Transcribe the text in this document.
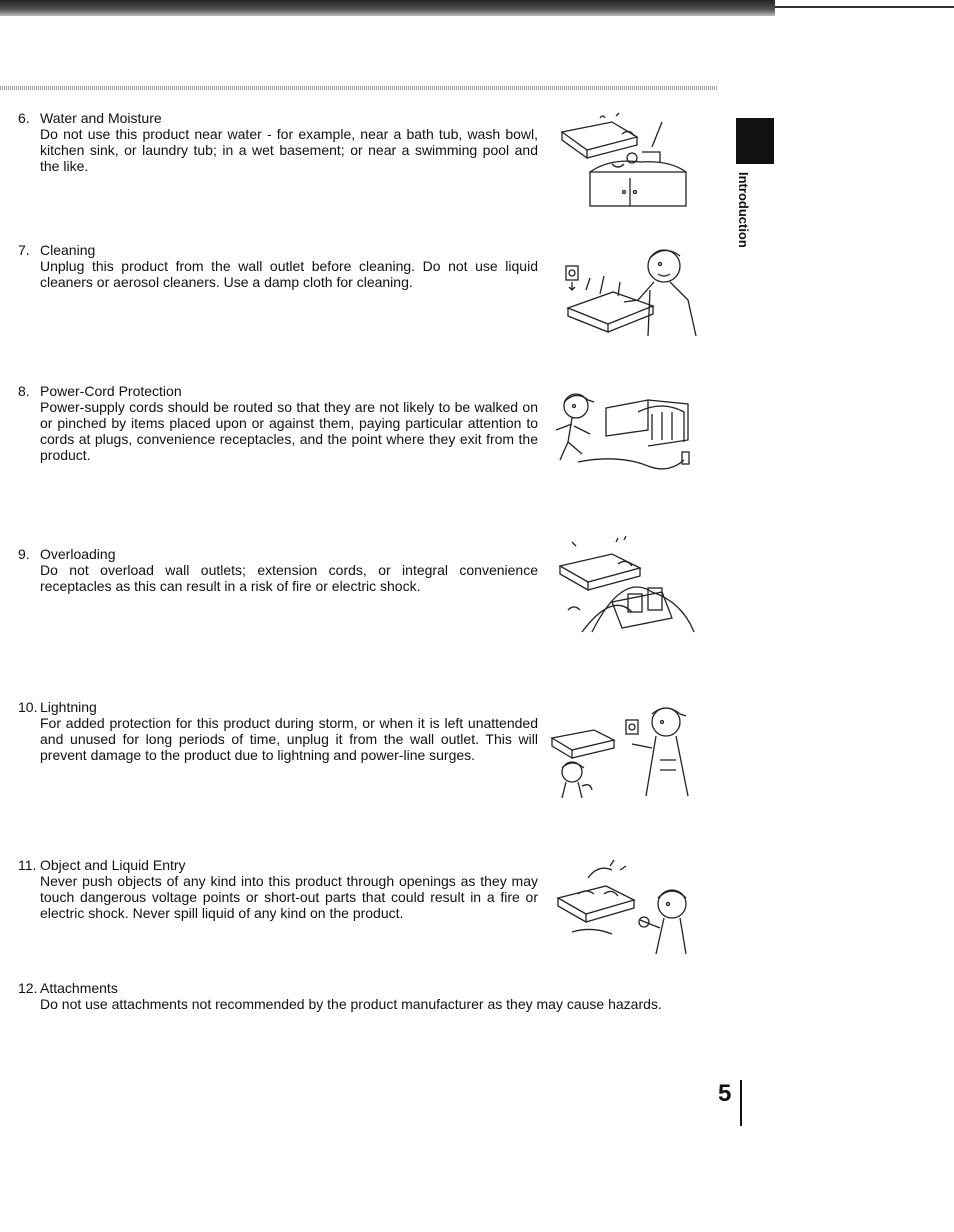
Introduction
6. Water and Moisture
Do not use this product near water - for example, near a bath tub, wash bowl, kitchen sink, or laundry tub; in a wet basement; or near a swimming pool and the like.
7. Cleaning
Unplug this product from the wall outlet before cleaning. Do not use liquid cleaners or aerosol cleaners. Use a damp cloth for cleaning.
8. Power-Cord Protection
Power-supply cords should be routed so that they are not likely to be walked on or pinched by items placed upon or against them, paying particular attention to cords at plugs, convenience receptacles, and the point where they exit from the product.
9. Overloading
Do not overload wall outlets; extension cords, or integral convenience receptacles as this can result in a risk of fire or electric shock.
10. Lightning
For added protection for this product during storm, or when it is left unattended and unused for long periods of time, unplug it from the wall outlet. This will prevent damage to the product due to lightning and power-line surges.
11. Object and Liquid Entry
Never push objects of any kind into this product through openings as they may touch dangerous voltage points or short-out parts that could result in a fire or electric shock. Never spill liquid of any kind on the product.
12. Attachments
Do not use attachments not recommended by the product manufacturer as they may cause hazards.
5
